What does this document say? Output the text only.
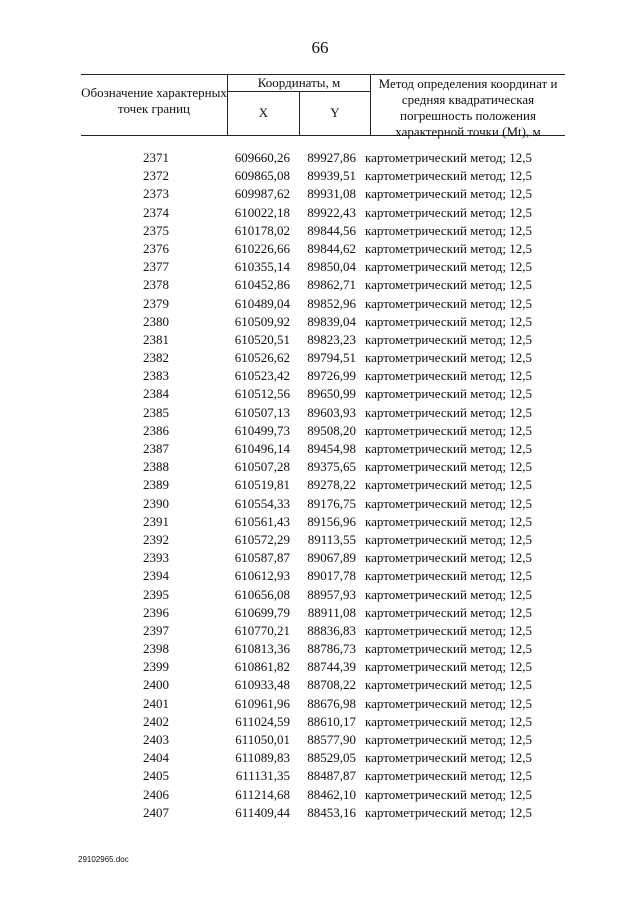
66
Обозначение характерных точек границ
Координаты, м
X	Y
Метод определения координат и средняя квадратическая погрешность положения характерной точки (Mt), м
2371	609660,26	89927,86 картометрический метод; 12,5
2372	609865,08	89939,51 картометрический метод; 12,5
2373	609987,62	89931,08 картометрический метод; 12,5
2374	610022,18	89922,43 картометрический метод; 12,5
2375	610178,02	89844,56 картометрический метод; 12,5
2376	610226,66	89844,62 картометрический метод; 12,5
2377	610355,14	89850,04 картометрический метод; 12,5
2378	610452,86	89862,71 картометрический метод; 12,5
2379	610489,04	89852,96 картометрический метод; 12,5
2380	610509,92	89839,04 картометрический метод; 12,5
2381	610520,51	89823,23 картометрический метод; 12,5
2382	610526,62	89794,51 картометрический метод; 12,5
2383	610523,42	89726,99 картометрический метод; 12,5
2384	610512,56	89650,99 картометрический метод; 12,5
2385	610507,13	89603,93 картометрический метод; 12,5
2386	610499,73	89508,20 картометрический метод; 12,5
2387	610496,14	89454,98 картометрический метод; 12,5
2388	610507,28	89375,65 картометрический метод; 12,5
2389	610519,81	89278,22 картометрический метод; 12,5
2390	610554,33	89176,75 картометрический метод; 12,5
2391	610561,43	89156,96 картометрический метод; 12,5
2392	610572,29	89113,55 картометрический метод; 12,5
2393	610587,87	89067,89 картометрический метод; 12,5
2394	610612,93	89017,78 картометрический метод; 12,5
2395	610656,08	88957,93 картометрический метод; 12,5
2396	610699,79	88911,08 картометрический метод; 12,5
2397	610770,21	88836,83 картометрический метод; 12,5
2398	610813,36	88786,73 картометрический метод; 12,5
2399	610861,82	88744,39 картометрический метод; 12,5
2400	610933,48	88708,22 картометрический метод; 12,5
2401	610961,96	88676,98 картометрический метод; 12,5
2402	611024,59	88610,17 картометрический метод; 12,5
2403	611050,01	88577,90 картометрический метод; 12,5
2404	611089,83	88529,05 картометрический метод; 12,5
2405	611131,35	88487,87 картометрический метод; 12,5
2406	611214,68	88462,10 картометрический метод; 12,5
2407	611409,44	88453,16 картометрический метод; 12,5
29102965.doc
